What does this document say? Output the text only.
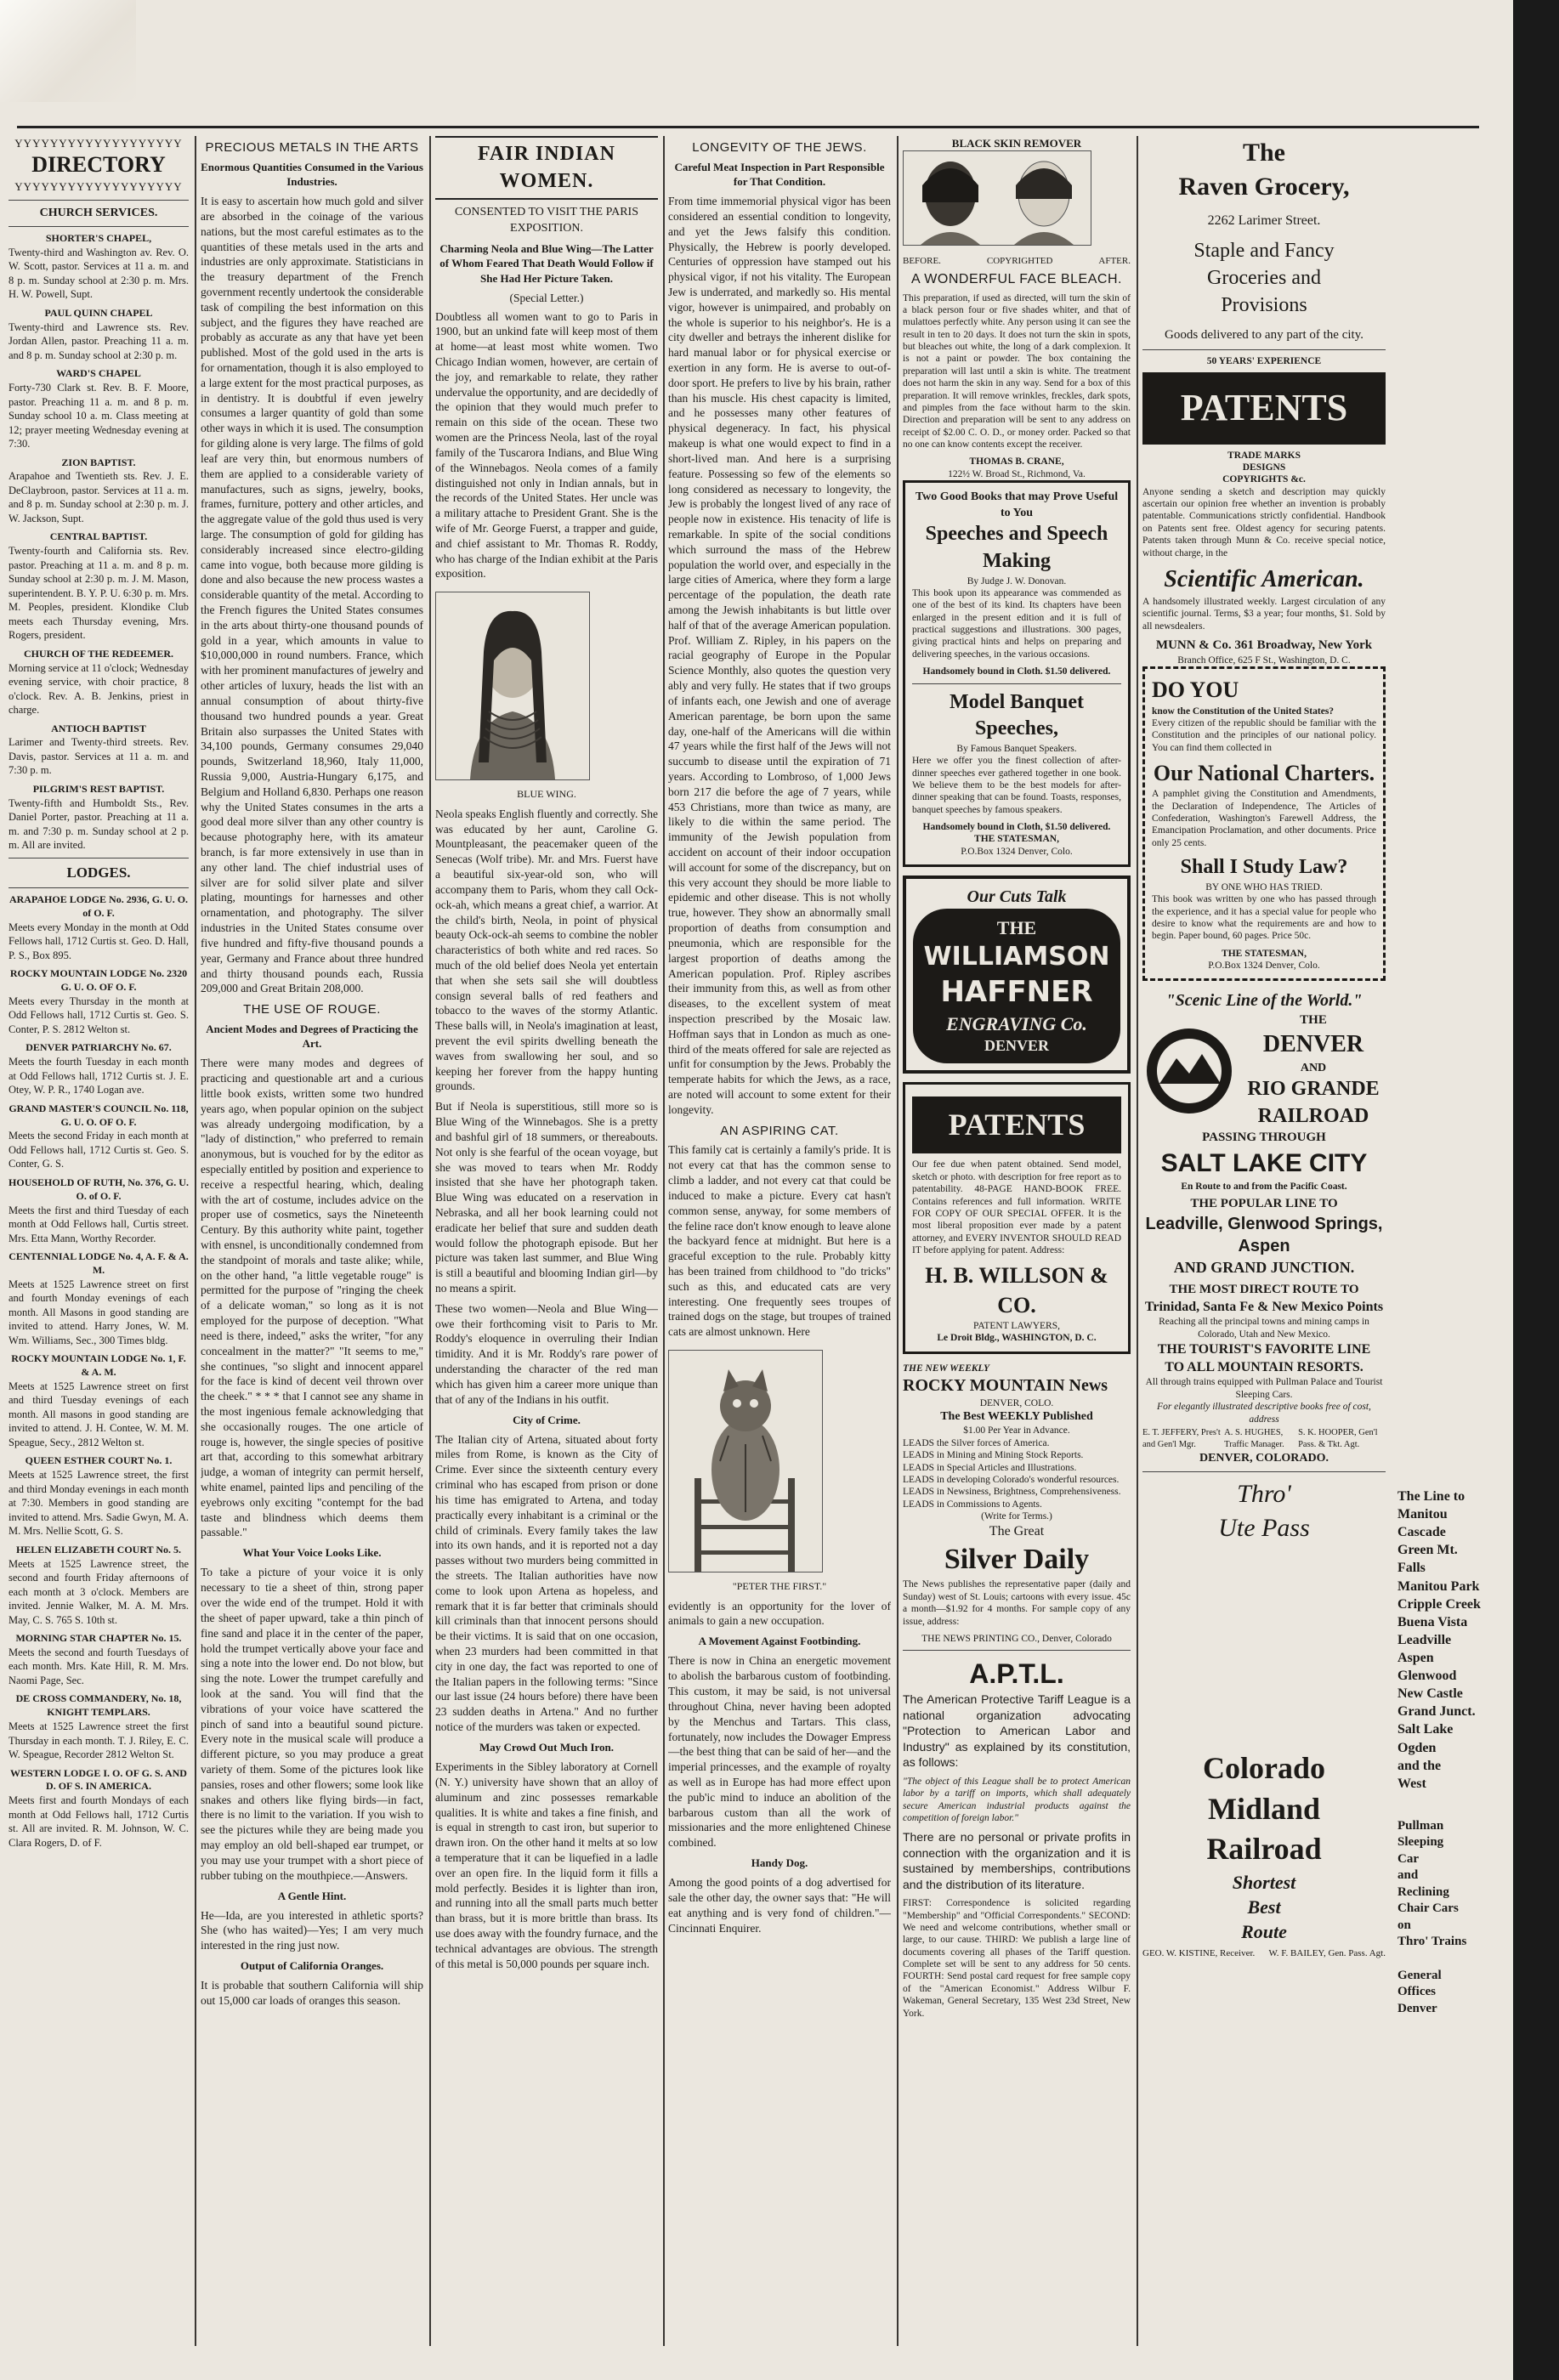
YYYYYYYYYYYYYYYYYYY
DIRECTORY
YYYYYYYYYYYYYYYYYYY
CHURCH SERVICES.
SHORTER'S CHAPEL,
Twenty-third and Washington av. Rev. O. W. Scott, pastor. Services at 11 a. m. and 8 p. m. Sunday school at 2:30 p. m. Mrs. H. W. Powell, Supt.
PAUL QUINN CHAPEL
Twenty-third and Lawrence sts. Rev. Jordan Allen, pastor. Preaching 11 a. m. and 8 p. m. Sunday school at 2:30 p. m.
WARD'S CHAPEL
Forty-730 Clark st. Rev. B. F. Moore, pastor. Preaching 11 a. m. and 8 p. m. Sunday school 10 a. m. Class meeting at 12; prayer meeting Wednesday evening at 7:30.
ZION BAPTIST.
Arapahoe and Twentieth sts. Rev. J. E. DeClaybroon, pastor. Services at 11 a. m. and 8 p. m. Sunday school at 2:30 p. m. J. W. Jackson, Supt.
CENTRAL BAPTIST.
Twenty-fourth and California sts. Rev. pastor. Preaching at 11 a. m. and 8 p. m. Sunday school at 2:30 p. m. J. M. Mason, superintendent. B. Y. P. U. 6:30 p. m. Mrs. M. Peoples, president. Klondike Club meets each Thursday evening, Mrs. Rogers, president.
CHURCH OF THE REDEEMER.
Morning service at 11 o'clock; Wednesday evening service, with choir practice, 8 o'clock. Rev. A. B. Jenkins, priest in charge.
ANTIOCH BAPTIST
Larimer and Twenty-third streets. Rev. Davis, pastor. Services at 11 a. m. and 7:30 p. m.
PILGRIM'S REST BAPTIST.
Twenty-fifth and Humboldt Sts., Rev. Daniel Porter, pastor. Preaching at 11 a. m. and 7:30 p. m. Sunday school at 2 p. m. All are invited.
LODGES.
ARAPAHOE LODGE No. 2936, G. U. O. of O. F.
Meets every Monday in the month at Odd Fellows hall, 1712 Curtis st. Geo. D. Hall, P. S., Box 895.
ROCKY MOUNTAIN LODGE No. 2320 G. U. O. OF O. F.
Meets every Thursday in the month at Odd Fellows hall, 1712 Curtis st. Geo. S. Conter, P. S. 2812 Welton st.
DENVER PATRIARCHY No. 67.
Meets the fourth Tuesday in each month at Odd Fellows hall, 1712 Curtis st. J. E. Otey, W. P. R., 1740 Logan ave.
GRAND MASTER'S COUNCIL No. 118, G. U. O. OF O. F.
Meets the second Friday in each month at Odd Fellows hall, 1712 Curtis st. Geo. S. Conter, G. S.
HOUSEHOLD OF RUTH, No. 376, G. U. O. of O. F.
Meets the first and third Tuesday of each month at Odd Fellows hall, Curtis street. Mrs. Etta Mann, Worthy Recorder.
CENTENNIAL LODGE No. 4, A. F. & A. M.
Meets at 1525 Lawrence street on first and fourth Monday evenings of each month. All Masons in good standing are invited to attend. Harry Jones, W. M. Wm. Williams, Sec., 300 Times bldg.
ROCKY MOUNTAIN LODGE No. 1, F. & A. M.
Meets at 1525 Lawrence street on first and third Tuesday evenings of each month. All masons in good standing are invited to attend. J. H. Contee, W. M. M. Speague, Secy., 2812 Welton st.
QUEEN ESTHER COURT No. 1.
Meets at 1525 Lawrence street, the first and third Monday evenings in each month at 7:30. Members in good standing are invited to attend. Mrs. Sadie Gwyn, M. A. M. Mrs. Nellie Scott, G. S.
HELEN ELIZABETH COURT No. 5.
Meets at 1525 Lawrence street, the second and fourth Friday afternoons of each month at 3 o'clock. Members are invited. Jennie Walker, M. A. M. Mrs. May, C. S. 765 S. 10th st.
MORNING STAR CHAPTER No. 15.
Meets the second and fourth Tuesdays of each month. Mrs. Kate Hill, R. M. Mrs. Naomi Page, Sec.
DE CROSS COMMANDERY, No. 18, KNIGHT TEMPLARS.
Meets at 1525 Lawrence street the first Thursday in each month. T. J. Riley, E. C. W. Speague, Recorder 2812 Welton St.
WESTERN LODGE I. O. OF G. S. AND D. OF S. IN AMERICA.
Meets first and fourth Mondays of each month at Odd Fellows hall, 1712 Curtis st. All are invited. R. M. Johnson, W. C. Clara Rogers, D. of F.
PRECIOUS METALS IN THE ARTS
Enormous Quantities Consumed in the Various Industries.

It is easy to ascertain how much gold and silver are absorbed in the coinage of the various nations, but the most careful estimates as to the quantities of these metals used in the arts and industries are only approximate. Statisticians in the treasury department of the French government recently undertook the considerable task of compiling the best information on this subject, and the figures they have reached are probably as accurate as any that have yet been published. Most of the gold used in the arts is for ornamentation, though it is also employed to a large extent for the most practical purposes, as in dentistry. It is doubtful if even jewelry consumes a larger quantity of gold than some other ways in which it is used. The consumption for gilding alone is very large. The films of gold leaf are very thin, but enormous numbers of them are applied to a considerable variety of manufactures, such as signs, jewelry, books, frames, furniture, pottery and other articles, and the aggregate value of the gold thus used is very large. The consumption of gold for gilding has considerably increased since electro-gilding came into vogue, both because more gilding is done and also because the new process wastes a considerable quantity of the metal. According to the French figures the United States consumes in the arts about thirty-one thousand pounds of gold in a year, which amounts in value to $10,000,000 in round numbers. France, which with her prominent manufactures of jewelry and other articles of luxury, heads the list with an annual consumption of about thirty-five thousand two hundred pounds a year. Great Britain also surpasses the United States with 34,100 pounds, Germany consumes 29,040 pounds, Switzerland 18,960, Italy 11,000, Russia 9,000, Austria-Hungary 6,175, and Belgium and Holland 6,830. Perhaps one reason why the United States consumes in the arts a good deal more silver than any other country is because photography here, with its amateur branch, is far more extensively in use than in any other land. The chief industrial uses of silver are for solid silver plate and silver plating, mountings for harnesses and other ornamentation, and photography. The silver industries in the United States consume over five hundred and fifty-five thousand pounds a year, Germany and France about three hundred and thirty thousand pounds each, Russia 209,000 and Great Britain 208,000.

THE USE OF ROUGE.
Ancient Modes and Degrees of Practicing the Art.

There were many modes and degrees of practicing and questionable art and a curious little book exists, written some two hundred years ago, when popular opinion on the subject was already undergoing modification, by a "lady of distinction," who preferred to remain anonymous, but is vouched for by the editor as especially entitled by position and experience to receive a respectful hearing, which, dealing with the art of costume, includes advice on the proper use of cosmetics, says the Nineteenth Century. By this authority white paint, together with ensnel, is unconditionally condemned from the standpoint of morals and taste alike; while, on the other hand, "a little vegetable rouge" is permitted for the purpose of "ringing the cheek of a delicate woman," so long as it is not employed for the purpose of deception. "What need is there, indeed," asks the writer, "for any concealment in the matter?" "It seems to me," she continues, "so slight and innocent apparel for the face is kind of decent veil thrown over the cheek." * * * that I cannot see any shame in the most ingenious female acknowledging that she occasionally rouges. The one article of rouge is, however, the single species of positive art that, according to this somewhat arbitrary judge, a woman of integrity can permit herself, white enamel, painted lips and penciling of the eyebrows only exciting "contempt for the bad taste and blindness which deems them passable."

What Your Voice Looks Like.

To take a picture of your voice it is only necessary to tie a sheet of thin, strong paper over the wide end of the trumpet. Hold it with the sheet of paper upward, take a thin pinch of fine sand and place it in the center of the paper, hold the trumpet vertically above your face and sing a note into the lower end. Do not blow, but sing the note. Lower the trumpet carefully and look at the sand. You will find that the vibrations of your voice have scattered the pinch of sand into a beautiful sound picture. Every note in the musical scale will produce a different picture, so you may produce a great variety of them. Some of the pictures look like pansies, roses and other flowers; some look like snakes and others like flying birds—in fact, there is no limit to the variation. If you wish to see the pictures while they are being made you may employ an old bell-shaped ear trumpet, or you may use your trumpet with a short piece of rubber tubing on the mouthpiece.—Answers.

A Gentle Hint.

He—Ida, are you interested in athletic sports? She (who has waited)—Yes; I am very much interested in the ring just now.

Output of California Oranges.

It is probable that southern California will ship out 15,000 car loads of oranges this season.

FAIR INDIAN WOMEN.
CONSENTED TO VISIT THE PARIS EXPOSITION.
Charming Neola and Blue Wing—The Latter of Whom Feared That Death Would Follow if She Had Her Picture Taken.
(Special Letter.)

Doubtless all women want to go to Paris in 1900, but an unkind fate will keep most of them at home—at least most white women. Two Chicago Indian women, however, are certain of the joy, and remarkable to relate, they rather undervalue the opportunity, and are decidedly of the opinion that they would much prefer to remain on this side of the ocean. These two women are the Princess Neola, last of the royal family of the Tuscarora Indians, and Blue Wing of the Winnebagos. Neola comes of a family distinguished not only in Indian annals, but in the records of the United States. Her uncle was a military attache to President Grant. She is the wife of Mr. George Fuerst, a trapper and guide, and chief assistant to Mr. Thomas R. Roddy, who has charge of the Indian exhibit at the Paris exposition.

BLUE WING.

Neola speaks English fluently and correctly. She was educated by her aunt, Caroline G. Mountpleasant, the peacemaker queen of the Senecas (Wolf tribe). Mr. and Mrs. Fuerst have a beautiful six-year-old son, who will accompany them to Paris, whom they call Ock-ock-ah, which means a great chief, a warrior. At the child's birth, Neola, in point of physical beauty Ock-ock-ah seems to combine the nobler characteristics of both white and red races. So much of the old belief does Neola yet entertain that when she sets sail she will doubtless consign several balls of red feathers and tobacco to the waves of the stormy Atlantic. These balls will, in Neola's imagination at least, prevent the evil spirits dwelling beneath the waves from swallowing her soul, and so keeping her forever from the happy hunting grounds.

But if Neola is superstitious, still more so is Blue Wing of the Winnebagos. She is a pretty and bashful girl of 18 summers, or thereabouts. Not only is she fearful of the ocean voyage, but she was moved to tears when Mr. Roddy insisted that she have her photograph taken. Blue Wing was educated on a reservation in Nebraska, and all her book learning could not eradicate her belief that sure and sudden death would follow the photograph episode. But her picture was taken last summer, and Blue Wing is still a beautiful and blooming Indian girl—by no means a spirit.

These two women—Neola and Blue Wing—owe their forthcoming visit to Paris to Mr. Roddy's eloquence in overruling their Indian timidity. And it is Mr. Roddy's rare power of understanding the character of the red man which has given him a career more unique than that of any of the Indians in his outfit.

City of Crime.

The Italian city of Artena, situated about forty miles from Rome, is known as the City of Crime. Ever since the sixteenth century every criminal who has escaped from prison or done his time has emigrated to Artena, and today practically every inhabitant is a criminal or the child of criminals. Every family takes the law into its own hands, and it is reported not a day passes without two murders being committed in the streets. The Italian authorities have now come to look upon Artena as hopeless, and remark that it is far better that criminals should kill criminals than that innocent persons should be their victims. It is said that on one occasion, when 23 murders had been committed in that city in one day, the fact was reported to one of the Italian papers in the following terms: "Since our last issue (24 hours before) there have been 23 sudden deaths in Artena." And no further notice of the murders was taken or expected.

May Crowd Out Much Iron.

Experiments in the Sibley laboratory at Cornell (N. Y.) university have shown that an alloy of aluminum and zinc possesses remarkable qualities. It is white and takes a fine finish, and is equal in strength to cast iron, but superior to drawn iron. On the other hand it melts at so low a temperature that it can be liquefied in a ladle over an open fire. In the liquid form it fills a mold perfectly. Besides it is lighter than iron, and running into all the small parts much better than brass, but it is more brittle than brass. Its use does away with the foundry furnace, and the technical advantages are obvious. The strength of this metal is 50,000 pounds per square inch.

LONGEVITY OF THE JEWS.
Careful Meat Inspection in Part Responsible for That Condition.

From time immemorial physical vigor has been considered an essential condition to longevity, and yet the Jews falsify this condition. Physically, the Hebrew is poorly developed. Centuries of oppression have stamped out his physical vigor, if not his vitality. The European Jew is underrated, and markedly so. His mental vigor, however is unimpaired, and probably on the whole is superior to his neighbor's. He is a city dweller and betrays the inherent dislike for hard manual labor or for physical exercise or exertion in any form. He is averse to out-of-door sport. He prefers to live by his brain, rather than his muscle. His chest capacity is limited, and he possesses many other features of physical degeneracy. In fact, his physical makeup is what one would expect to find in a short-lived man. And here is a surprising feature. Possessing so few of the elements so long considered as necessary to longevity, the Jew is probably the longest lived of any race of people now in existence. His tenacity of life is remarkable. In spite of the social conditions which surround the mass of the Hebrew population the world over, and especially in the large cities of America, where they form a large percentage of the population, the death rate among the Jewish inhabitants is but little over half of that of the average American population. Prof. William Z. Ripley, in his papers on the racial geography of Europe in the Popular Science Monthly, also quotes the question very ably and very fully. He states that if two groups of infants each, one Jewish and one of average American parentage, be born upon the same day, one-half of the Americans will die within 47 years while the first half of the Jews will not succumb to disease until the expiration of 71 years. According to Lombroso, of 1,000 Jews born 217 die before the age of 7 years, while 453 Christians, more than twice as many, are likely to die within the same period. The immunity of the Jewish population from accident on account of their indoor occupation will account for some of the discrepancy, but on this very account they should be more liable to epidemic and other disease. This is not wholly true, however. They show an abnormally small proportion of deaths from consumption and pneumonia, which are responsible for the largest proportion of deaths among the American population. Prof. Ripley ascribes their immunity from this, as well as from other diseases, to the excellent system of meat inspection prescribed by the Mosaic law. Hoffman says that in London as much as one-third of the meats offered for sale are rejected as unfit for consumption by the Jews. Probably the temperate habits for which the Jews, as a race, are noted will account to some extent for their longevity.

AN ASPIRING CAT.

This family cat is certainly a family's pride. It is not every cat that has the common sense to climb a ladder, and not every cat that could be induced to make a picture. Every cat hasn't common sense, anyway, for some members of the feline race don't know enough to leave alone the backyard fence at midnight. But here is a graceful exception to the rule. Probably kitty has been trained from childhood to "do tricks" such as this, and educated cats are very interesting. One frequently sees troupes of trained dogs on the stage, but troupes of trained cats are almost unknown. Here

"PETER THE FIRST."

evidently is an opportunity for the lover of animals to gain a new occupation.

A Movement Against Footbinding.

There is now in China an energetic movement to abolish the barbarous custom of footbinding. This custom, it may be said, is not universal throughout China, never having been adopted by the Menchus and Tartars. This class, fortunately, now includes the Dowager Empress—the best thing that can be said of her—and the imperial princesses, and the example of royalty as well as in Europe has had more effect upon the pub'ic mind to induce an abolition of the barbarous custom than all the work of missionaries and the more enlightened Chinese combined.

Handy Dog.

Among the good points of a dog advertised for sale the other day, the owner says that: "He will eat anything and is very fond of children."—Cincinnati Enquirer.

BLACK SKIN REMOVER
BEFORE.	COPYRIGHTED	AFTER.
A WONDERFUL FACE BLEACH.

This preparation, if used as directed, will turn the skin of a black person four or five shades whiter, and that of mulattoes perfectly white. Any person using it can see the result in ten to 20 days. It does not turn the skin in spots, but bleaches out white, the long of a dark complexion. It is not a paint or powder. The box containing the preparation will last until a skin is white. The treatment does not harm the skin in any way. Send for a box of this preparation. It will remove wrinkles, freckles, dark spots, and pimples from the face without harm to the skin. Direction and preparation will be sent to any address on receipt of $2.00 C. O. D., or money order. Packed so that no one can know contents except the receiver.

THOMAS B. CRANE,
122½ W. Broad St., Richmond, Va.
Two Good Books that may Prove Useful to You
Speeches and Speech Making
By Judge J. W. Donovan.

This book upon its appearance was commended as one of the best of its kind. Its chapters have been enlarged in the present edition and it is full of practical suggestions and illustrations. 300 pages, giving practical hints and helps on preparing and delivering speeches, in the various occasions.

Handsomely bound in Cloth. $1.50 delivered.
Model Banquet Speeches,
By Famous Banquet Speakers.

Here we offer you the finest collection of after-dinner speeches ever gathered together in one book. We believe them to be the best models for after-dinner speaking that can be found. Toasts, responses, banquet speeches by famous speakers.

Handsomely bound in Cloth, $1.50 delivered.
THE STATESMAN,
P.O.Box 1324 Denver, Colo.
Our Cuts Talk
THE
WILLIAMSON
HAFFNER
ENGRAVING Co.
DENVER
PATENTS

Our fee due when patent obtained. Send model, sketch or photo. with description for free report as to patentability. 48-PAGE HAND-BOOK FREE. Contains references and full information. WRITE FOR COPY OF OUR SPECIAL OFFER. It is the most liberal proposition ever made by a patent attorney, and EVERY INVENTOR SHOULD READ IT before applying for patent. Address:

H. B. WILLSON & CO.
PATENT LAWYERS,
Le Droit Bldg., WASHINGTON, D. C.
THE NEW WEEKLY
ROCKY MOUNTAIN News
DENVER, COLO.
The Best WEEKLY Published
$1.00 Per Year in Advance.
LEADS the Silver forces of America.
LEADS in Mining and Mining Stock Reports.
LEADS in Special Articles and Illustrations.
LEADS in developing Colorado's wonderful resources.
LEADS in Newsiness, Brightness, Comprehensiveness.
LEADS in Commissions to Agents.
(Write for Terms.)
The Great
Silver Daily

The News publishes the representative paper (daily and Sunday) west of St. Louis; cartoons with every issue. 45c a month—$1.92 for 4 months. For sample copy of any issue, address:

THE NEWS PRINTING CO., Denver, Colorado
A.P.T.L.

The American Protective Tariff League is a national organization advocating "Protection to American Labor and Industry" as explained by its constitution, as follows:

"The object of this League shall be to protect American labor by a tariff on imports, which shall adequately secure American industrial products against the competition of foreign labor."

There are no personal or private profits in connection with the organization and it is sustained by memberships, contributions and the distribution of its literature.

FIRST: Correspondence is solicited regarding "Membership" and "Official Correspondents." SECOND: We need and welcome contributions, whether small or large, to our cause. THIRD: We publish a large line of documents covering all phases of the Tariff question. Complete set will be sent to any address for 50 cents. FOURTH: Send postal card request for free sample copy of the "American Economist." Address Wilbur F. Wakeman, General Secretary, 135 West 23d Street, New York.

The
Raven Grocery,
2262 Larimer Street.
Staple and Fancy
Groceries and
Provisions
Goods delivered to any part of the city.
50 YEARS' EXPERIENCE
PATENTS
TRADE MARKS
DESIGNS
COPYRIGHTS &c.

Anyone sending a sketch and description may quickly ascertain our opinion free whether an invention is probably patentable. Communications strictly confidential. Handbook on Patents sent free. Oldest agency for securing patents. Patents taken through Munn & Co. receive special notice, without charge, in the

Scientific American.

A handsomely illustrated weekly. Largest circulation of any scientific journal. Terms, $3 a year; four months, $1. Sold by all newsdealers.

MUNN & Co. 361 Broadway, New York
Branch Office, 625 F St., Washington, D. C.
DO YOU
know the Constitution of the United States?

Every citizen of the republic should be familiar with the Constitution and the principles of our national policy. You can find them collected in

Our National Charters.

A pamphlet giving the Constitution and Amendments, the Declaration of Independence, The Articles of Confederation, Washington's Farewell Address, the Emancipation Proclamation, and other documents. Price only 25 cents.

Shall I Study Law?
BY ONE WHO HAS TRIED.

This book was written by one who has passed through the experience, and it has a special value for people who desire to know what the requirements are and how to begin. Paper bound, 60 pages. Price 50c.

THE STATESMAN,
P.O.Box 1324 Denver, Colo.
"Scenic Line of the World."
THE
DENVER
AND
RIO GRANDE
RAILROAD
PASSING THROUGH
SALT LAKE CITY
En Route to and from the Pacific Coast.
THE POPULAR LINE TO
Leadville, Glenwood Springs, Aspen
AND GRAND JUNCTION.
THE MOST DIRECT ROUTE TO
Trinidad, Santa Fe & New Mexico Points
Reaching all the principal towns and mining camps in Colorado, Utah and New Mexico.
THE TOURIST'S FAVORITE LINE
TO ALL MOUNTAIN RESORTS.
All through trains equipped with Pullman Palace and Tourist Sleeping Cars.
For elegantly illustrated descriptive books free of cost, address
E. T. JEFFERY, Pres't and Gen'l Mgr.
A. S. HUGHES, Traffic Manager.
S. K. HOOPER, Gen'l Pass. & Tkt. Agt.
DENVER, COLORADO.
Thro'
Ute Pass
Colorado
Midland
Railroad
Shortest
Best
Route
GEO. W. KISTINE, Receiver. W. F. BAILEY, Gen. Pass. Agt.
The Line to
Manitou
Cascade
Green Mt.
Falls
Manitou Park
Cripple Creek
Buena Vista
Leadville
Aspen
Glenwood
New Castle
Grand Junct.
Salt Lake
Ogden
and the
West
Pullman
Sleeping
Car
and
Reclining
Chair Cars
on
Thro' Trains
General
Offices
Denver
